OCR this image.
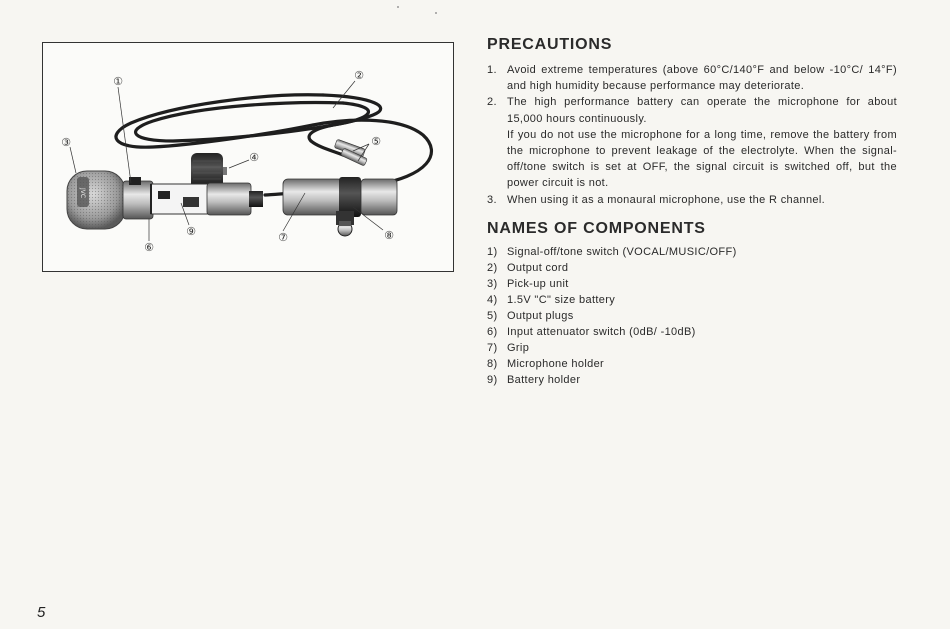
JVC
①	②
③
④
⑤
⑥
⑦	⑧
⑨
PRECAUTIONS
1. Avoid extreme temperatures (above 60°C/140°F and below -10°C/ 14°F) and high humidity because performance may deteriorate.

2. The high performance battery can operate the microphone for about 15,000 hours continuously.

If you do not use the microphone for a long time, remove the battery from the microphone to prevent leakage of the electrolyte. When the signal-off/tone switch is set at OFF, the signal circuit is switched off, but the power circuit is not.

3. When using it as a monaural microphone, use the R channel.

NAMES OF COMPONENTS
1) Signal-off/tone switch (VOCAL/MUSIC/OFF)
2) Output cord
3) Pick-up unit
4) 1.5V "C" size battery
5) Output plugs
6) Input attenuator switch (0dB/ -10dB)
7) Grip
8) Microphone holder
9) Battery holder
5
